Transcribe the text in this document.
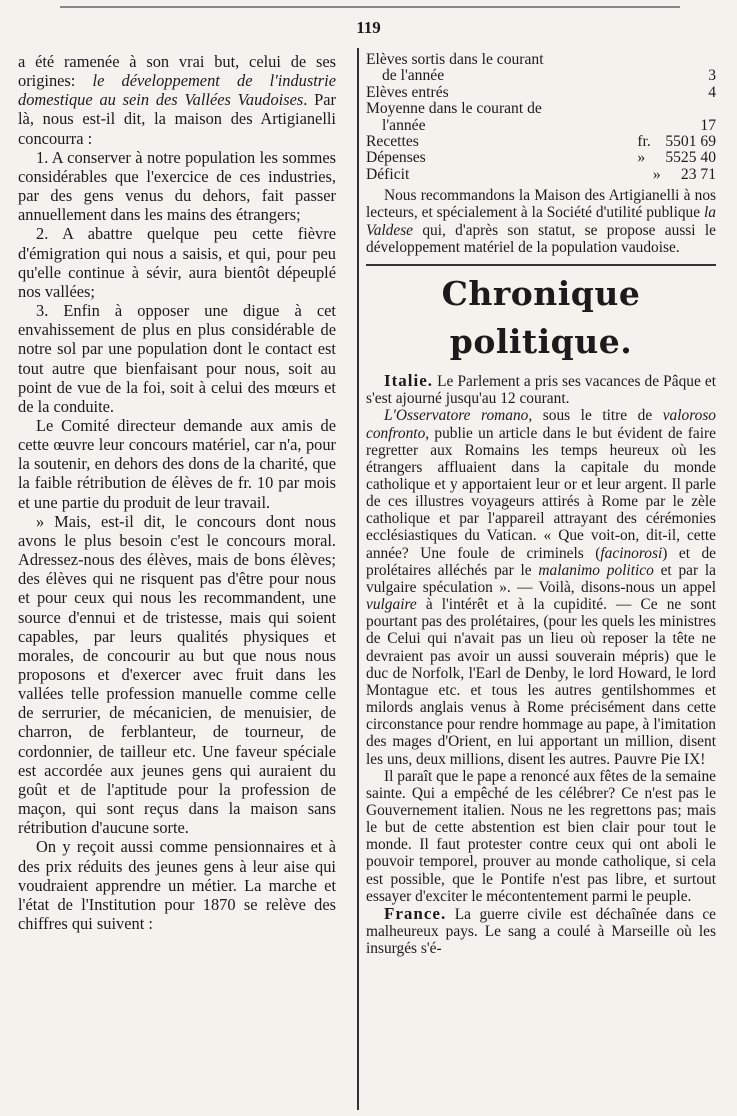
119

a été ramenée à son vrai but, celui de ses origines: le développement de l'industrie domestique au sein des Vallées Vaudoises. Par là, nous est-il dit, la maison des Artigianelli concourra :

1. A conserver à notre population les sommes considérables que l'exercice de ces industries, par des gens venus du dehors, fait passer annuellement dans les mains des étrangers;

2. A abattre quelque peu cette fièvre d'émigration qui nous a saisis, et qui, pour peu qu'elle continue à sévir, aura bientôt dépeuplé nos vallées;

3. Enfin à opposer une digue à cet envahissement de plus en plus considérable de notre sol par une population dont le contact est tout autre que bienfaisant pour nous, soit au point de vue de la foi, soit à celui des mœurs et de la conduite.

Le Comité directeur demande aux amis de cette œuvre leur concours matériel, car n'a, pour la soutenir, en dehors des dons de la charité, que la faible rétribution de élèves de fr. 10 par mois et une partie du produit de leur travail.

» Mais, est-il dit, le concours dont nous avons le plus besoin c'est le concours moral. Adressez-nous des élèves, mais de bons élèves; des élèves qui ne risquent pas d'être pour nous et pour ceux qui nous les recommandent, une source d'ennui et de tristesse, mais qui soient capables, par leurs qualités physiques et morales, de concourir au but que nous nous proposons et d'exercer avec fruit dans les vallées telle profession manuelle comme celle de serrurier, de mécanicien, de menuisier, de charron, de ferblanteur, de tourneur, de cordonnier, de tailleur etc. Une faveur spéciale est accordée aux jeunes gens qui auraient du goût et de l'aptitude pour la profession de maçon, qui sont reçus dans la maison sans rétribution d'aucune sorte.

On y reçoit aussi comme pensionnaires et à des prix réduits des jeunes gens à leur aise qui voudraient apprendre un métier. La marche et l'état de l'Institution pour 1870 se relève des chiffres qui suivent :

Elèves sortis dans le courant
de l'année	3
Elèves entrés	4
Moyenne dans le courant de
l'année	17
Recettes	fr. 5501 69
Dépenses	» 5525 40
Déficit	» 23 71

Nous recommandons la Maison des Artigianelli à nos lecteurs, et spécialement à la Société d'utilité publique la Valdese qui, d'après son statut, se propose aussi le développement matériel de la population vaudoise.

Chronique politique.

Italie. Le Parlement a pris ses vacances de Pâque et s'est ajourné jusqu'au 12 courant.

L'Osservatore romano, sous le titre de valoroso confronto, publie un article dans le but évident de faire regretter aux Romains les temps heureux où les étrangers affluaient dans la capitale du monde catholique et y apportaient leur or et leur argent. Il parle de ces illustres voyageurs attirés à Rome par le zèle catholique et par l'appareil attrayant des cérémonies ecclésiastiques du Vatican. « Que voit-on, dit-il, cette année? Une foule de criminels (facinorosi) et de prolétaires alléchés par le malanimo politico et par la vulgaire spéculation ». — Voilà, disons-nous un appel vulgaire à l'intérêt et à la cupidité. — Ce ne sont pourtant pas des prolétaires, (pour les quels les ministres de Celui qui n'avait pas un lieu où reposer la tête ne devraient pas avoir un aussi souverain mépris) que le duc de Norfolk, l'Earl de Denby, le lord Howard, le lord Montague etc. et tous les autres gentilshommes et milords anglais venus à Rome précisément dans cette circonstance pour rendre hommage au pape, à l'imitation des mages d'Orient, en lui apportant un million, disent les uns, deux millions, disent les autres. Pauvre Pie IX!

Il paraît que le pape a renoncé aux fêtes de la semaine sainte. Qui a empêché de les célébrer? Ce n'est pas le Gouvernement italien. Nous ne les regrettons pas; mais le but de cette abstention est bien clair pour tout le monde. Il faut protester contre ceux qui ont aboli le pouvoir temporel, prouver au monde catholique, si cela est possible, que le Pontife n'est pas libre, et surtout essayer d'exciter le mécontentement parmi le peuple.

France. La guerre civile est déchaînée dans ce malheureux pays. Le sang a coulé à Marseille où les insurgés s'é-
